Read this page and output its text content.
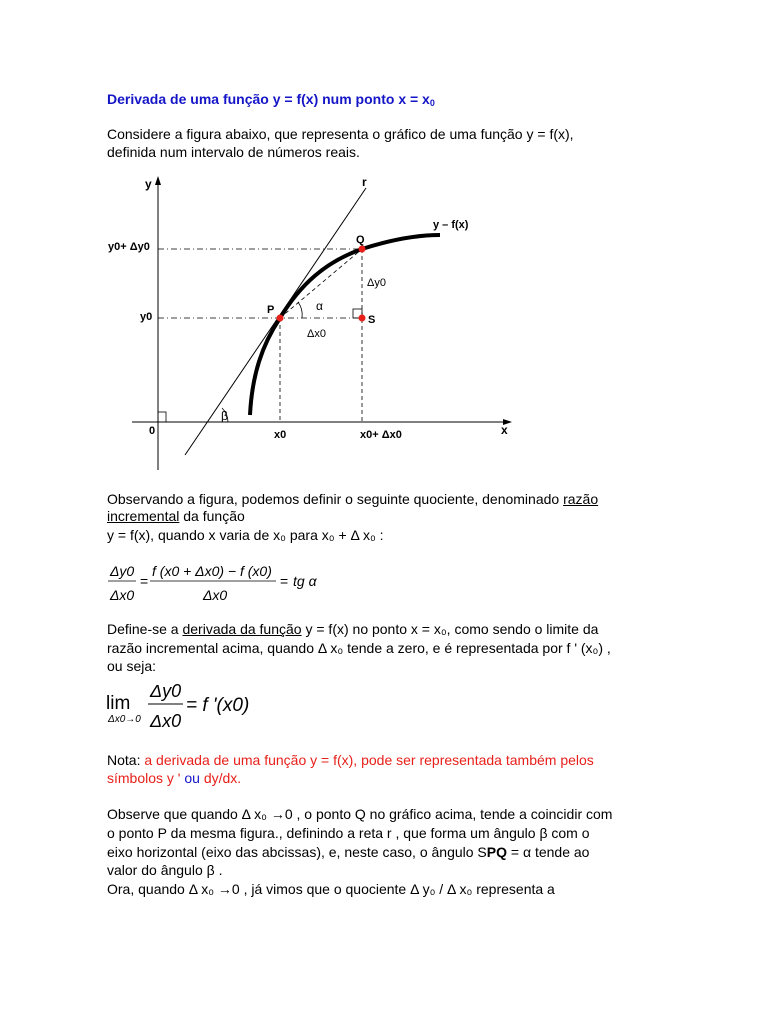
Derivada de uma função y = f(x) num ponto $x = x_0$
Considere a figura abaixo, que representa o gráfico de uma função y = f(x),
definida num intervalo de números reais.
y
x
0
r
y – f(x)
y0+ Δy0
y0
P
Q
S
Δy0
Δx0
α
β
x0	x0+ Δx0
Observando a figura, podemos definir o seguinte quociente, denominado razão
incremental da função
y = f(x), quando x varia de x₀ para x₀ + Δ x₀ :
Δy0
Δx0
=
f (x0 + Δx0) − f (x0)
Δx0
= tg α
Define-se a derivada da função y = f(x) no ponto x = x₀, como sendo o limite da
razão incremental acima, quando Δ x₀ tende a zero, e é representada por f ' (x₀) ,
ou seja:
lim
Δx0→0
Δy0
Δx0
= f '(x0)
Nota: a derivada de uma função y = f(x), pode ser representada também pelos
símbolos y ' ou dy/dx.
Observe que quando Δ x₀ →0 , o ponto Q no gráfico acima, tende a coincidir com
o ponto P da mesma figura., definindo a reta r , que forma um ângulo β com o
eixo horizontal (eixo das abcissas), e, neste caso, o ângulo SPQ = α tende ao
valor do ângulo β .
Ora, quando Δ x₀ →0 , já vimos que o quociente Δ y₀ / Δ x₀ representa a
